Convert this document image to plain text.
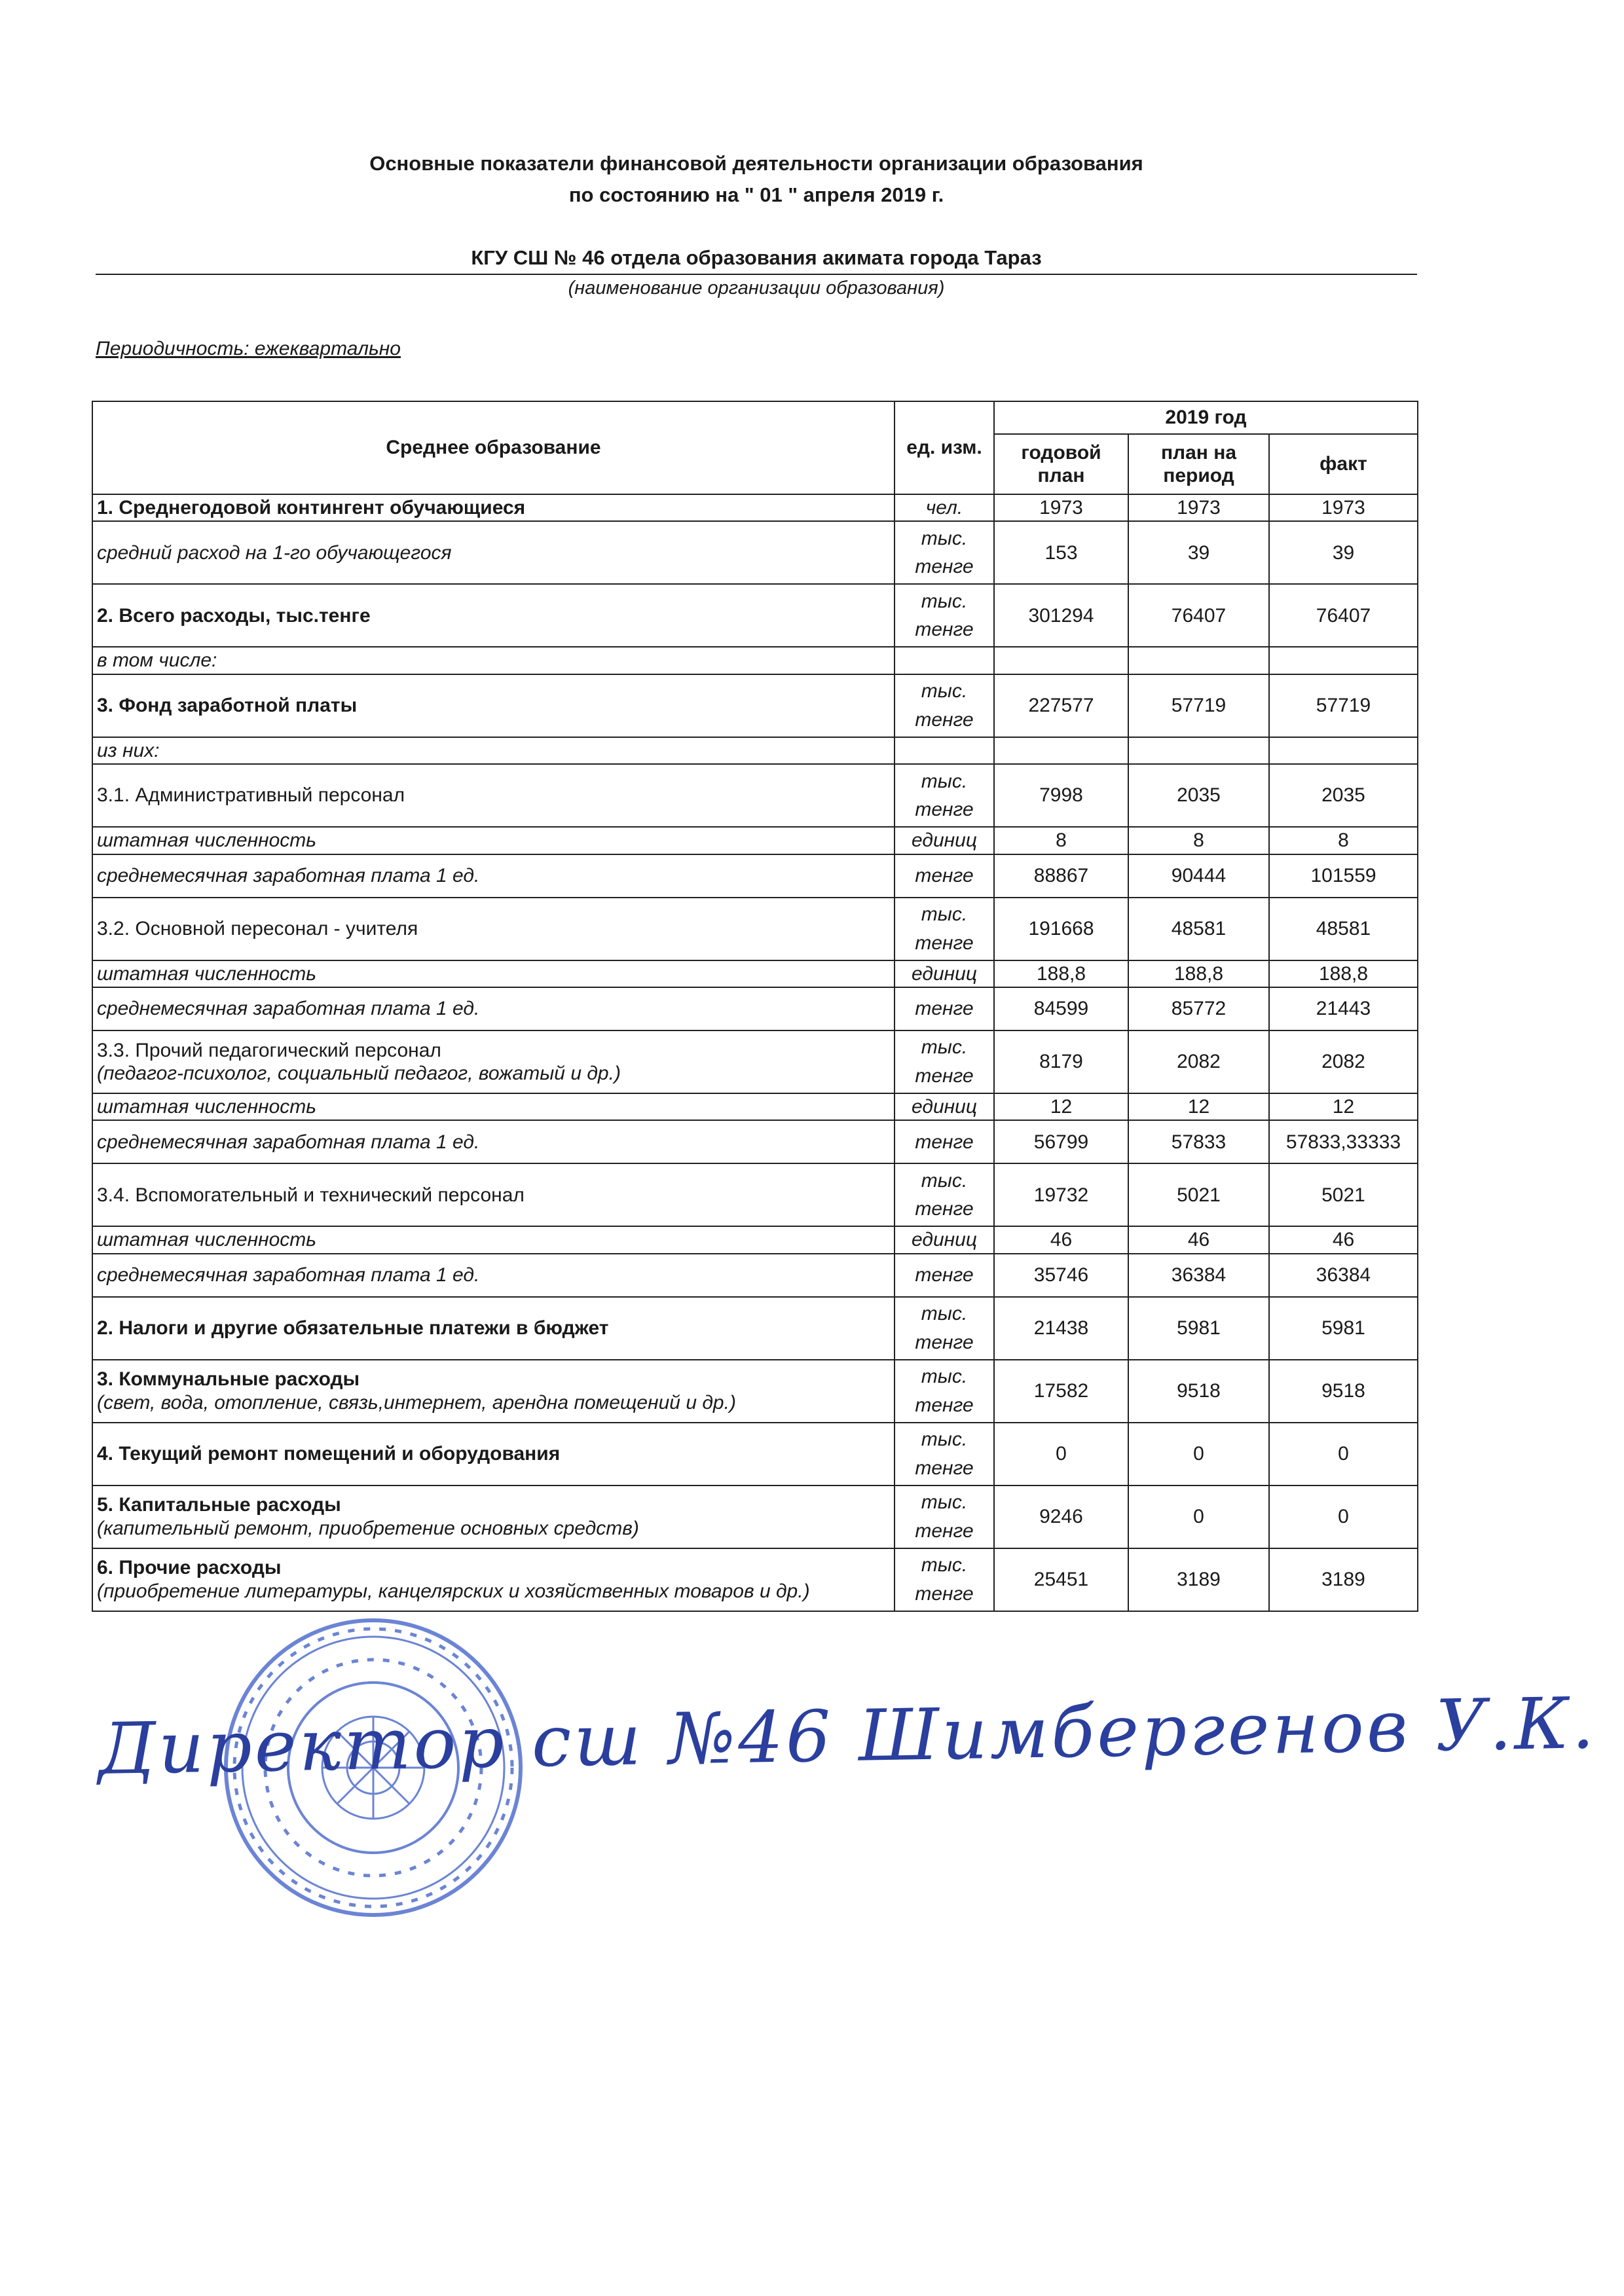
Основные показатели финансовой деятельности организации образования
по состоянию на " 01 " апреля 2019 г.
КГУ СШ № 46 отдела образования акимата города Тараз
(наименование организации образования)
Периодичность: ежеквартально
Среднее образование	ед. изм.	2019 год		
		годовой план	план на период	факт
1. Среднегодовой контингент обучающиеся	чел.	1973	1973	1973
средний расход на 1-го обучающегося	тыс. тенге	153	39	39
2. Всего расходы, тыс.тенге	тыс. тенге	301294	76407	76407
в том числе:				
3. Фонд заработной платы	тыс. тенге	227577	57719	57719
из них:				
3.1. Административный персонал	тыс. тенге	7998	2035	2035
штатная численность	единиц	8	8	8
среднемесячная заработная плата 1 ед.	тенге	88867	90444	101559
3.2. Основной пересонал - учителя	тыс. тенге	191668	48581	48581
штатная численность	единиц	188,8	188,8	188,8
среднемесячная заработная плата 1 ед.	тенге	84599	85772	21443
3.3. Прочий педагогический персонал
(педагог-психолог, социальный педагог, вожатый и др.)	тыс. тенге	8179	2082	2082
штатная численность	единиц	12	12	12
среднемесячная заработная плата 1 ед.	тенге	56799	57833	57833,33333
3.4. Вспомогательный и технический персонал	тыс. тенге	19732	5021	5021
штатная численность	единиц	46	46	46
среднемесячная заработная плата 1 ед.	тенге	35746	36384	36384
2. Налоги и другие обязательные платежи в бюджет	тыс. тенге	21438	5981	5981
3. Коммунальные расходы
(свет, вода, отопление, связь,интернет, арендна помещений и др.)	тыс. тенге	17582	9518	9518
4. Текущий ремонт помещений и оборудования	тыс. тенге	0	0	0
5. Капитальные расходы
(капительный ремонт, приобретение основных средств)	тыс. тенге	9246	0	0
6. Прочие расходы
(приобретение литературы, канцелярских и хозяйственных товаров и др.)	тыс. тенге	25451	3189	3189
Директор сш №46 Шимбергенов У.К.
